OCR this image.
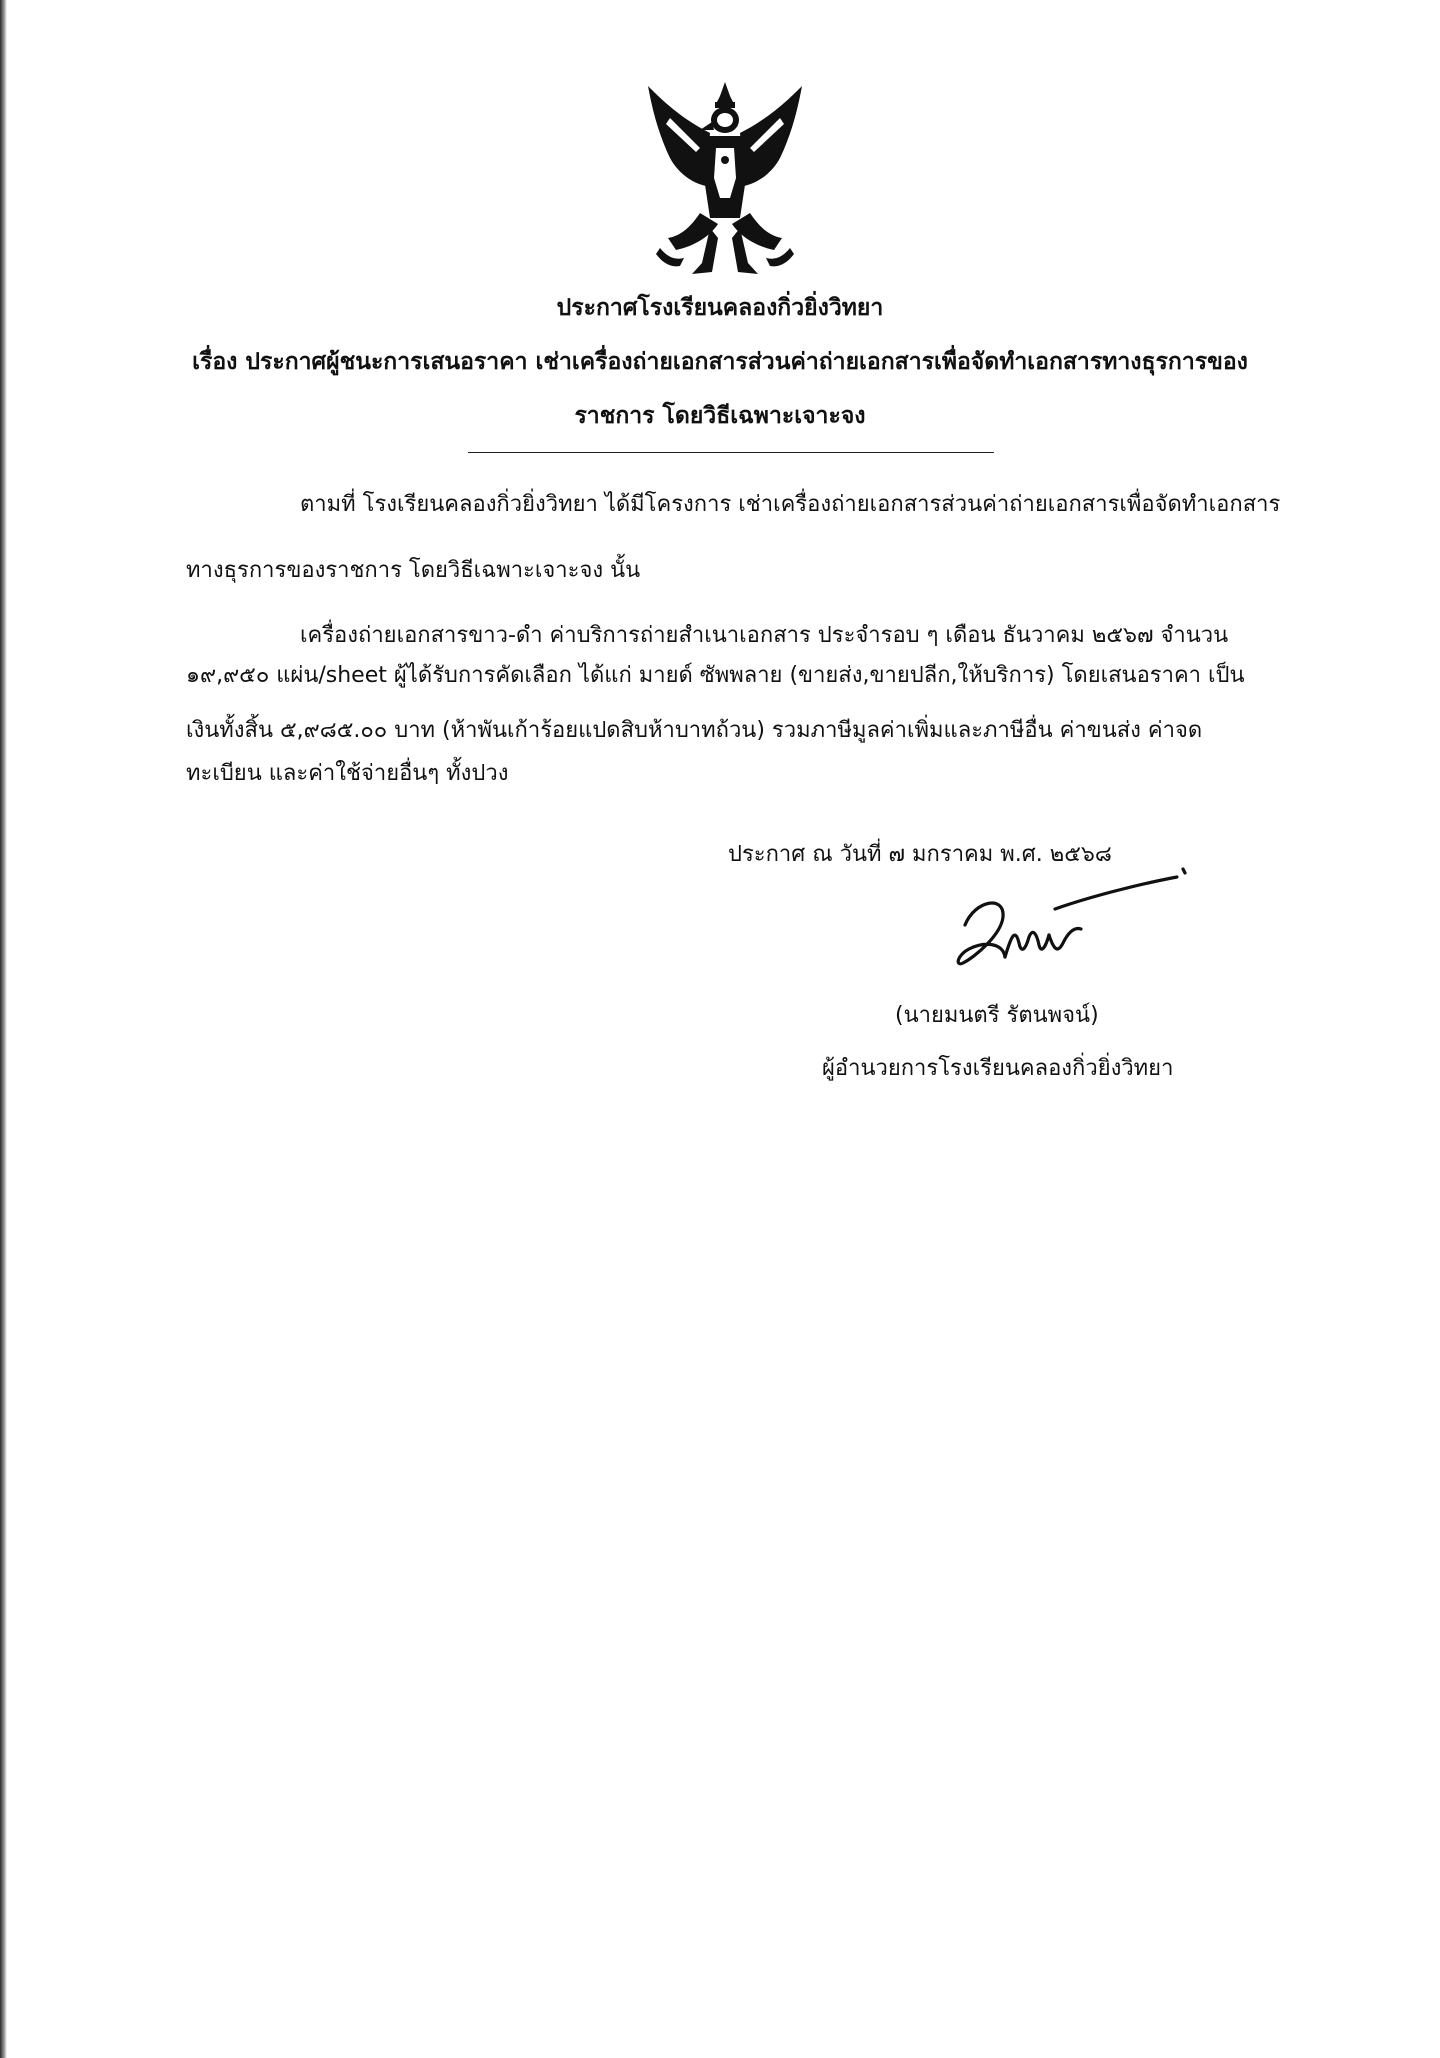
ประกาศโรงเรียนคลองกิ่วยิ่งวิทยา
เรื่อง ประกาศผู้ชนะการเสนอราคา เช่าเครื่องถ่ายเอกสารส่วนค่าถ่ายเอกสารเพื่อจัดทำเอกสารทางธุรการของ
ราชการ โดยวิธีเฉพาะเจาะจง
ตามที่ โรงเรียนคลองกิ่วยิ่งวิทยา ได้มีโครงการ เช่าเครื่องถ่ายเอกสารส่วนค่าถ่ายเอกสารเพื่อจัดทำเอกสาร
ทางธุรการของราชการ โดยวิธีเฉพาะเจาะจง นั้น
เครื่องถ่ายเอกสารขาว-ดำ ค่าบริการถ่ายสำเนาเอกสาร ประจำรอบ ๆ เดือน ธันวาคม ๒๕๖๗ จำนวน
๑๙,๙๕๐ แผ่น/sheet ผู้ได้รับการคัดเลือก ได้แก่ มายด์ ซัพพลาย (ขายส่ง,ขายปลีก,ให้บริการ) โดยเสนอราคา เป็น
เงินทั้งสิ้น ๕,๙๘๕.๐๐ บาท (ห้าพันเก้าร้อยแปดสิบห้าบาทถ้วน) รวมภาษีมูลค่าเพิ่มและภาษีอื่น ค่าขนส่ง ค่าจด
ทะเบียน และค่าใช้จ่ายอื่นๆ ทั้งปวง
ประกาศ ณ วันที่ ๗ มกราคม พ.ศ. ๒๕๖๘
(นายมนตรี รัตนพจน์)
ผู้อำนวยการโรงเรียนคลองกิ่วยิ่งวิทยา
